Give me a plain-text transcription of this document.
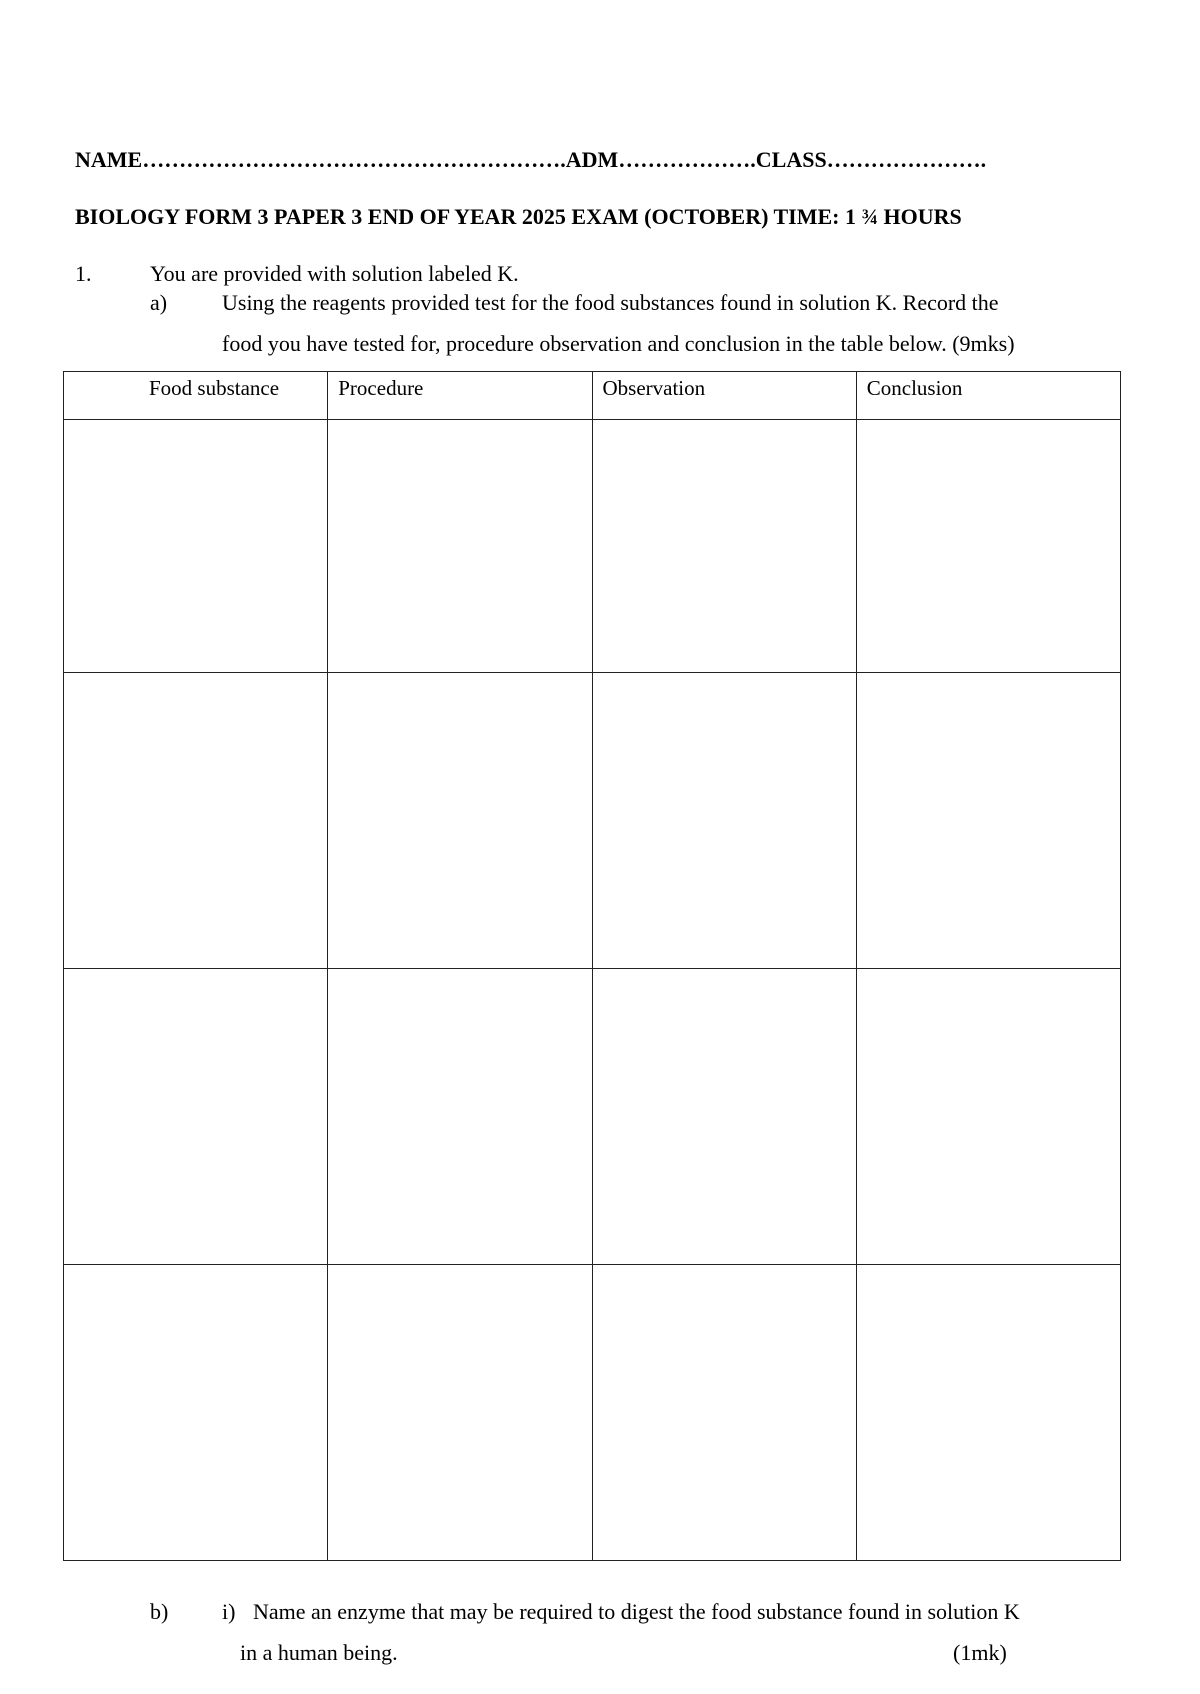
NAME………………………………………………….ADM……………….CLASS………………….
BIOLOGY FORM 3 PAPER 3 END OF YEAR 2025 EXAM (OCTOBER) TIME: 1 ¾ HOURS
1.	You are provided with solution labeled K.
a) Using the reagents provided test for the food substances found in solution K. Record the
food you have tested for, procedure observation and conclusion in the table below. (9mks)
Food substance	Procedure	Observation	Conclusion

b) i) Name an enzyme that may be required to digest the food substance found in solution K
in a human being.	(1mk)
